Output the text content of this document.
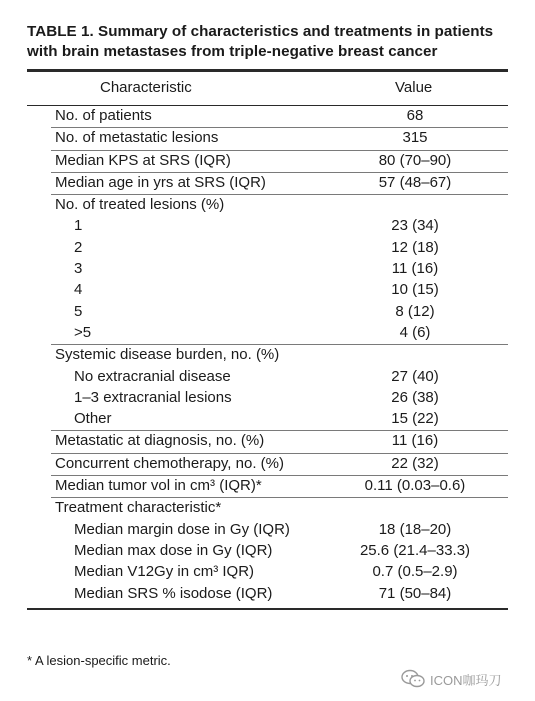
TABLE 1. Summary of characteristics and treatments in patients with brain metastases from triple-negative breast cancer
Characteristic	Value
No. of patients	68
No. of metastatic lesions	315
Median KPS at SRS (IQR)	80 (70–90)
Median age in yrs at SRS (IQR)	57 (48–67)
No. of treated lesions (%)
1	23 (34)
2	12 (18)
3	11 (16)
4	10 (15)
5	8 (12)
>5	4 (6)
Systemic disease burden, no. (%)
No extracranial disease	27 (40)
1–3 extracranial lesions	26 (38)
Other	15 (22)
Metastatic at diagnosis, no. (%)	11 (16)
Concurrent chemotherapy, no. (%)	22 (32)
Median tumor vol in cm³ (IQR)*	0.11 (0.03–0.6)
Treatment characteristic*
Median margin dose in Gy (IQR)	18 (18–20)
Median max dose in Gy (IQR)	25.6 (21.4–33.3)
Median V12Gy in cm³ IQR)	0.7 (0.5–2.9)
Median SRS % isodose (IQR)	71 (50–84)
* A lesion-specific metric.
ICON咖玛刀
